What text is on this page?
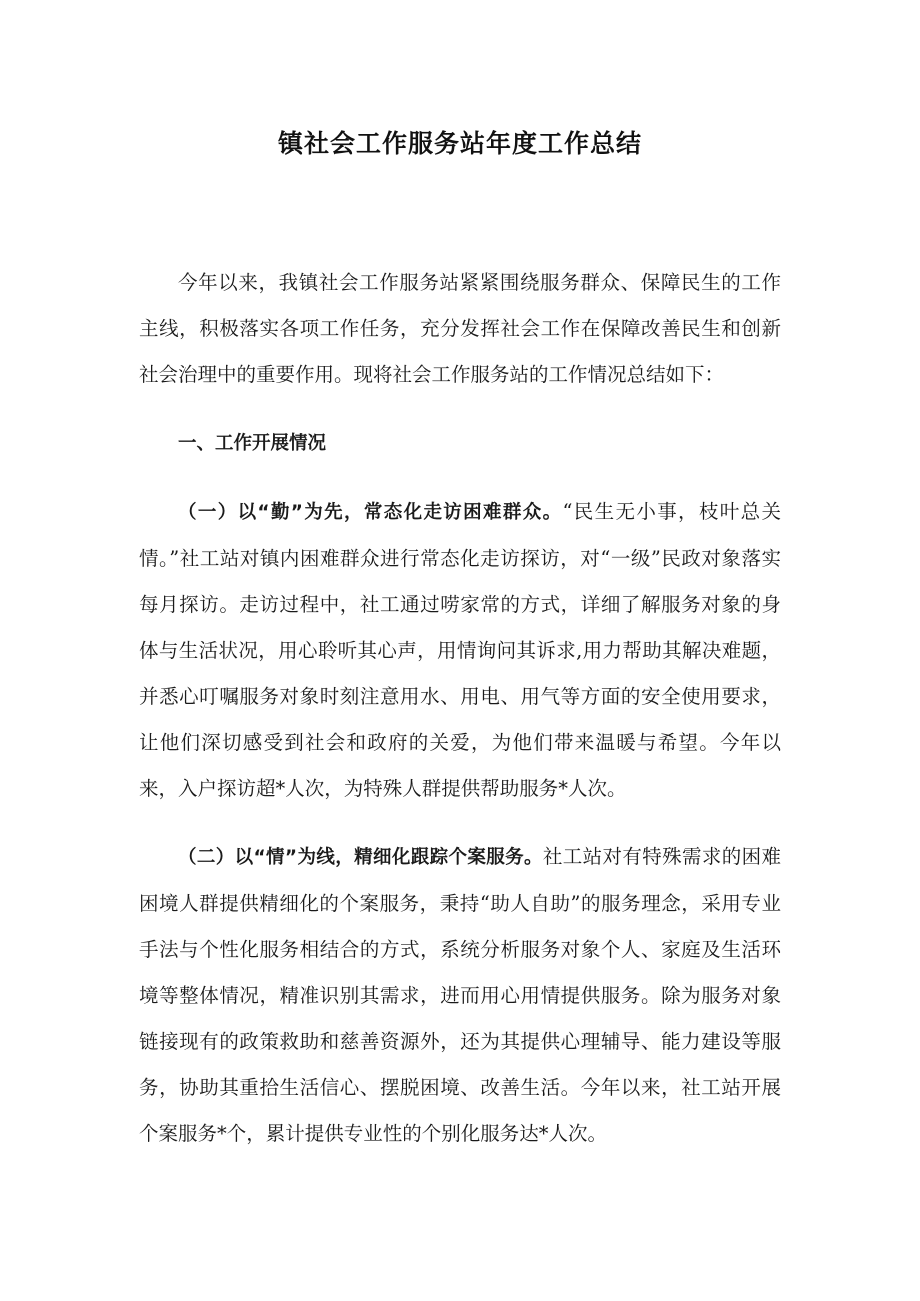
镇社会工作服务站年度工作总结

今年以来，我镇社会工作服务站紧紧围绕服务群众、保障民生的工作主线，积极落实各项工作任务，充分发挥社会工作在保障改善民生和创新社会治理中的重要作用。现将社会工作服务站的工作情况总结如下：

一、工作开展情况

（一）以“勤”为先，常态化走访困难群众。“民生无小事，枝叶总关情。”社工站对镇内困难群众进行常态化走访探访，对“一级”民政对象落实每月探访。走访过程中，社工通过唠家常的方式，详细了解服务对象的身体与生活状况，用心聆听其心声，用情询问其诉求,用力帮助其解决难题，并悉心叮嘱服务对象时刻注意用水、用电、用气等方面的安全使用要求，让他们深切感受到社会和政府的关爱，为他们带来温暖与希望。今年以来，入户探访超*人次，为特殊人群提供帮助服务*人次。

（二）以“情”为线，精细化跟踪个案服务。社工站对有特殊需求的困难困境人群提供精细化的个案服务，秉持“助人自助”的服务理念，采用专业手法与个性化服务相结合的方式，系统分析服务对象个人、家庭及生活环境等整体情况，精准识别其需求，进而用心用情提供服务。除为服务对象链接现有的政策救助和慈善资源外，还为其提供心理辅导、能力建设等服务，协助其重拾生活信心、摆脱困境、改善生活。今年以来，社工站开展个案服务*个，累计提供专业性的个别化服务达*人次。
